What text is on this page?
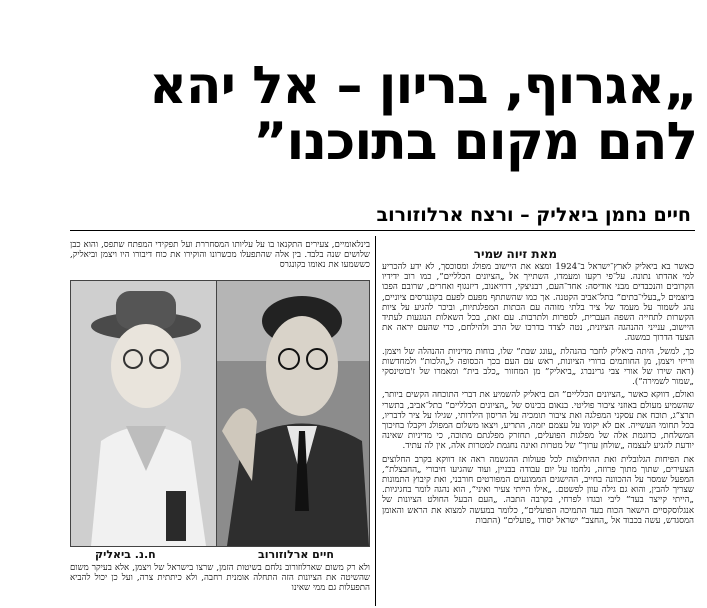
„אגרוף, בריון – אל יהא
להם מקום בתוכנו”
חיים נחמן ביאליק – ורצח ארלוזורוב
מאת זיוה שמיר
בינלאומיים, צעירים התקנאו בו על עליותו המסחררת ועל תפקידי המפתח שתפס, והוא כבן שלושים שנה בלבד. בין אלה שהתפעלו מכשרונו והוקירו את כוח דיבורו היו ויצמן וביאליק, כששמעו את נאומו בקונגרס
ח.נ. ביאליק	חיים ארלוזורוב
ולא רק משום שארלוזורוב נלחם בשיטות הזמן, שרצו בישראל של ויצמן, אלא בעיקר משום שהשיטה את הציונות הזה התחלה אומנית רחבה, ולא כיתתית צרה, ועל כן יכול להביא התפעלות גם ממי שאינו

כאשר בא ביאליק לארץ־ישראל ב־1924 ומצא את היישוב מפולג ומסוכסך, לא ידע להכריע למי אהדתו נתונה. על־פי רקעו ומעמדו, השתייך אל „הציונים הכלליים”, כמו רוב ידידיו הקרובים והנכבדים מבני אודיסה: אחד־העם, רבניצקי, דרויאנוב, דיזנגוף ואחרים, שרובם הפכו ביוצמים ל„בעלי־בתים” בתל־אביב הקטנה. אך כמו שהשתתף מפעם לפעם בקונגרסים ציוניים, נהג לשמור על מעמד של ציר בלתי מזוהה עם הכתות המפלגתיות, וביכר להגיע על ציות הקשרות לתחייה השפה העברית, לספרות ולתרבות. עם זאת, בכל השאלות הנוגעות לעתיד היישוב, ענייני ההנהגה הציונית, נטה לצדד בדרכו של הרב ולהילחם, כדי שהעם יראה את הצעד הדרוך כמשגה.

כך, למשל, היתה ביאליק לחבר בהנהלת „עונג שבת” שלו, בוחות מדיניות ההנהלה של ויצמן. ורייזי ויצמן, מן החותמים ברורי הציונות, ראש עם העם בכך הכסופה ל„הלכות” ולמחדשות (ראה שירו של אורי צבי גרינברג „ביאליק” מן המחזור „כלב בית” ומאמרו של ז'בוטינסקי „שמור לשמירה”).

ואולם, דווקא כאשר „הציונים הכלליים” הם ביאליק להשמיע את דברי התוכחה הקשים ביותר, שהשמיע מעולם באוזני ציבור פוליטי. בנאום בכינוס של „הציונים הכלליים” בתל־אביב, בתשרי תרצ”ג, תוכח את עסקני המפלגה ואת ציבור תומכיה על הריסון הילדותי, שגילו על ציר לדבריו, בכל תחומי העשייה. אם לא יקומו על עצמם יזמה, התריע, ויצאו משלום המפולג ויקבלו בחיכוך המשלחת, כדוגמת אלה של מפלגות הפועלים, תחזרק מפלגתם מתוכה, כי מדיניות שאינה יודעת להגיע לעצמה „שולחן ערוך” של מטרות ואינה נחגמת למטרות אלה, אין לה עתיד.

את הפיחות הגלובלית ואת ההיחלצות לכל פעולות ההגשמה ראה אז דווקא בקרב החלוצים הצעירים, שתוך מתוך פרוזה, נלחמו על יום עבודה בבניין, ועוד שהגיעו חיבורי „החבצלת”, המפעל שמסר על ההכוונה בחייב, ההישגים הממונעים המפורטים חורבני, ואת קיבוץ התמונות שצריך להבין, והוא גם גילה עוון לפשטם. „אילו הייתי צעיר ואיני”, הוא נהגה לומר בחגיגיות. „הייתי קייצר בעד” ליבי ובגדו לפרחי, בקרבה התבה. „העם הבעל החולט הציונות של אנגלוסקסיים הישאר הכוח בעד התמיכה הפועלים”, כלומר במעשה למצוא את הראש והאומן המסגדש, עשה בכבוד אל „החצב” ישראל יסודו „פועלים” (התבות
